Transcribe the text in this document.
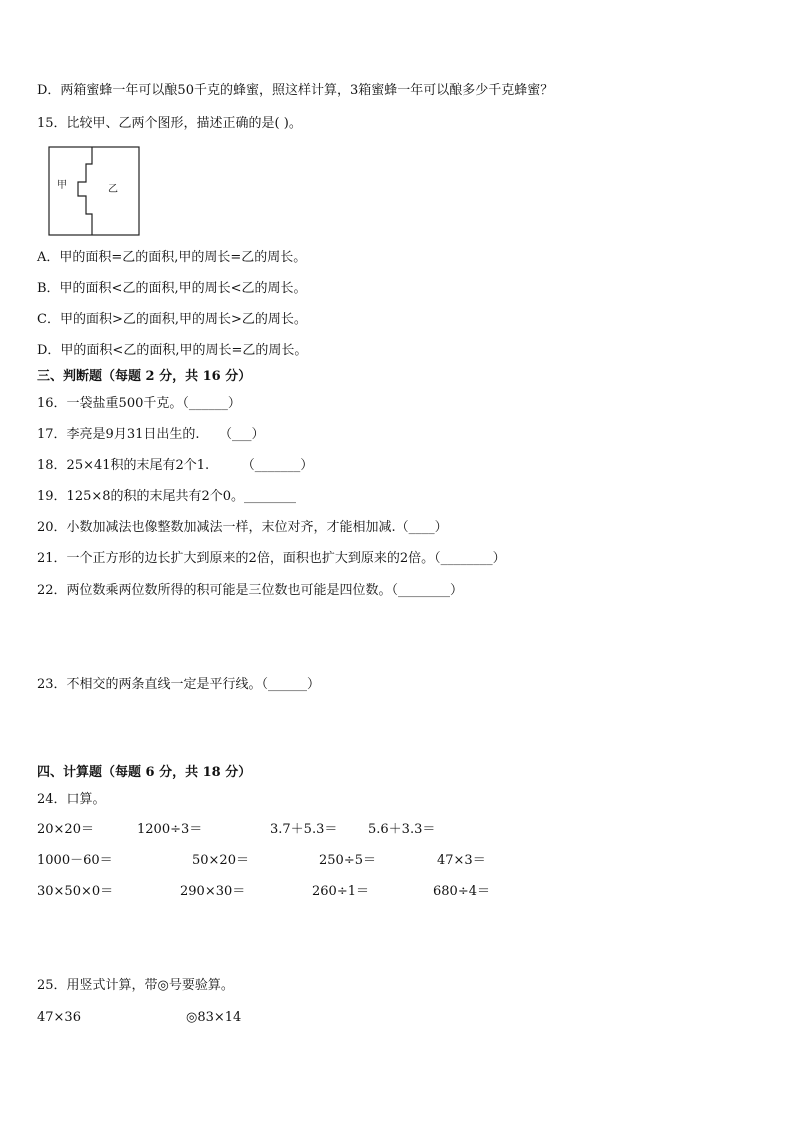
D．两箱蜜蜂一年可以酿50千克的蜂蜜，照这样计算，3箱蜜蜂一年可以酿多少千克蜂蜜？
15．比较甲、乙两个图形，描述正确的是( )。
甲	乙
A．甲的面积=乙的面积,甲的周长=乙的周长。
B．甲的面积<乙的面积,甲的周长<乙的周长。
C．甲的面积>乙的面积,甲的周长>乙的周长。
D．甲的面积<乙的面积,甲的周长=乙的周长。
三、判断题（每题 2 分，共 16 分）
16．一袋盐重500千克。（______）
17．李亮是9月31日出生的.　　（___）
18．25×41积的末尾有2个1.　　　（_______）
19．125×8的积的末尾共有2个0。________
20．小数加减法也像整数加减法一样，末位对齐，才能相加减.（____）
21．一个正方形的边长扩大到原来的2倍，面积也扩大到原来的2倍。（________）
22．两位数乘两位数所得的积可能是三位数也可能是四位数。（________）
23．不相交的两条直线一定是平行线。（______）
四、计算题（每题 6 分，共 18 分）
24．口算。
20×20＝	1200÷3＝	3.7＋5.3＝ 5.6＋3.3＝
1000－60＝	50×20＝	250÷5＝	47×3＝
30×50×0＝	290×30＝	260÷1＝	680÷4＝
25．用竖式计算，带◎号要验算。
47×36	◎83×14
